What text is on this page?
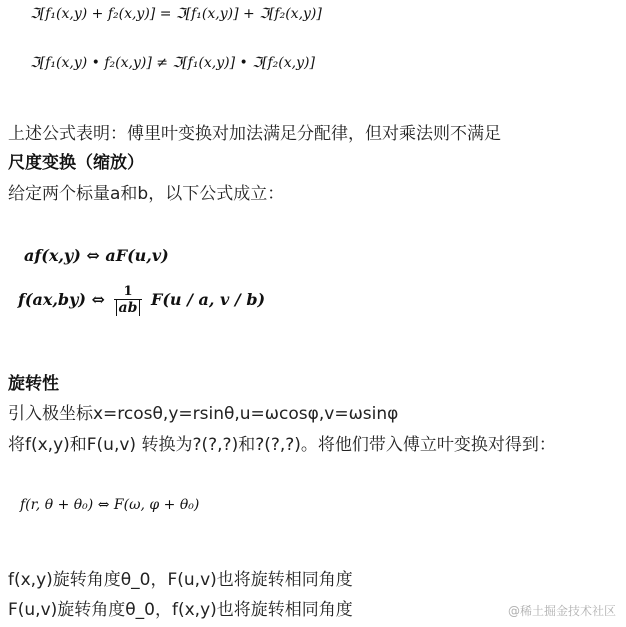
ℑ[f₁(x,y) + f₂(x,y)] = ℑ[f₁(x,y)] + ℑ[f₂(x,y)]
ℑ[f₁(x,y) • f₂(x,y)] ≠ ℑ[f₁(x,y)] • ℑ[f₂(x,y)]
上述公式表明：傅里叶变换对加法满足分配律，但对乘法则不满足
尺度变换（缩放）
给定两个标量a和b，以下公式成立：
af(x,y) ⇔ aF(u,v)
f(ax,by) ⇔ $\frac{1}{ab} F(u$ / a, v / b)
旋转性
引入极坐标x=rcosθ,y=rsinθ,u=ωcosφ,v=ωsinφ
将f(x,y)和F(u,v) 转换为?(?,?)和?(?,?)。将他们带入傅立叶变换对得到：
f(r, θ + θ₀) ⇔ F(ω, φ + θ₀)
f(x,y)旋转角度θ_0，F(u,v)也将旋转相同角度
F(u,v)旋转角度θ_0，f(x,y)也将旋转相同角度	@稀土掘金技术社区
